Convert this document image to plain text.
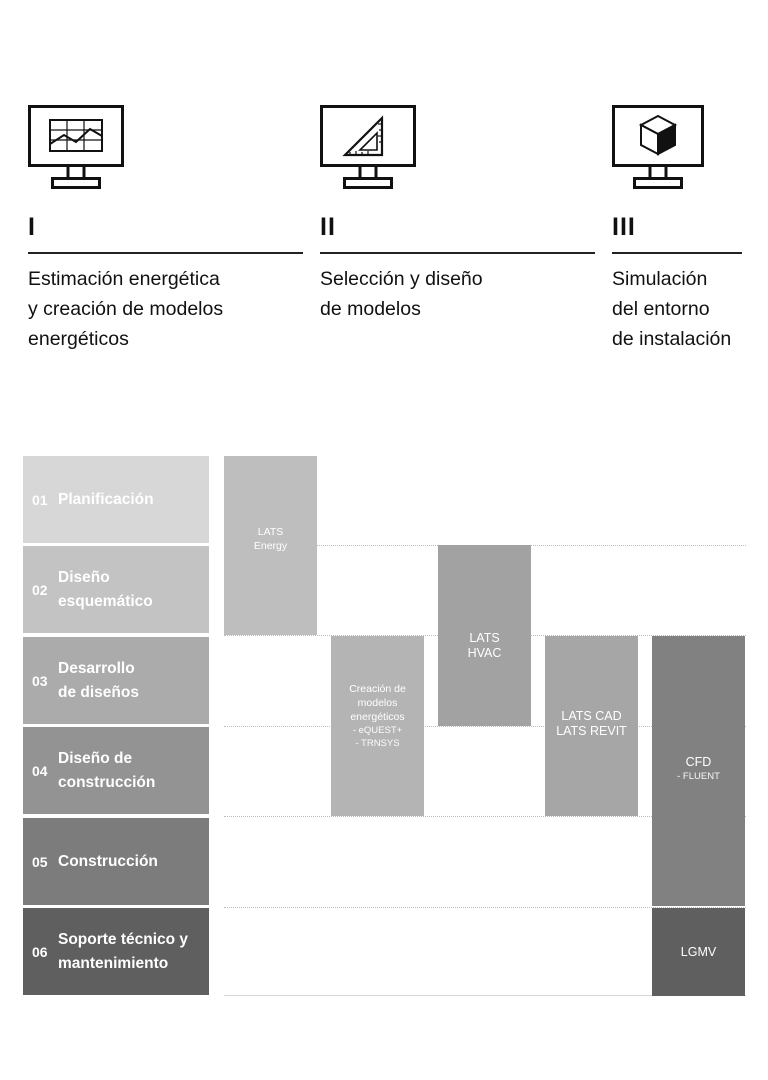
I
Estimación energética
y creación de modelos
energéticos
II
Selección y diseño
de modelos
III
Simulación
del entorno
de instalación
01 Planificación
02
Diseño
esquemático
03
Desarrollo
de diseños
04
Diseño de
construcción
05 Construcción
06
Soporte técnico y
mantenimiento
LATS
Energy
Creación de
modelos
energéticos
- eQUEST+
- TRNSYS
LATS
HVAC
LATS CAD
LATS REVIT
CFD
- FLUENT
LGMV
